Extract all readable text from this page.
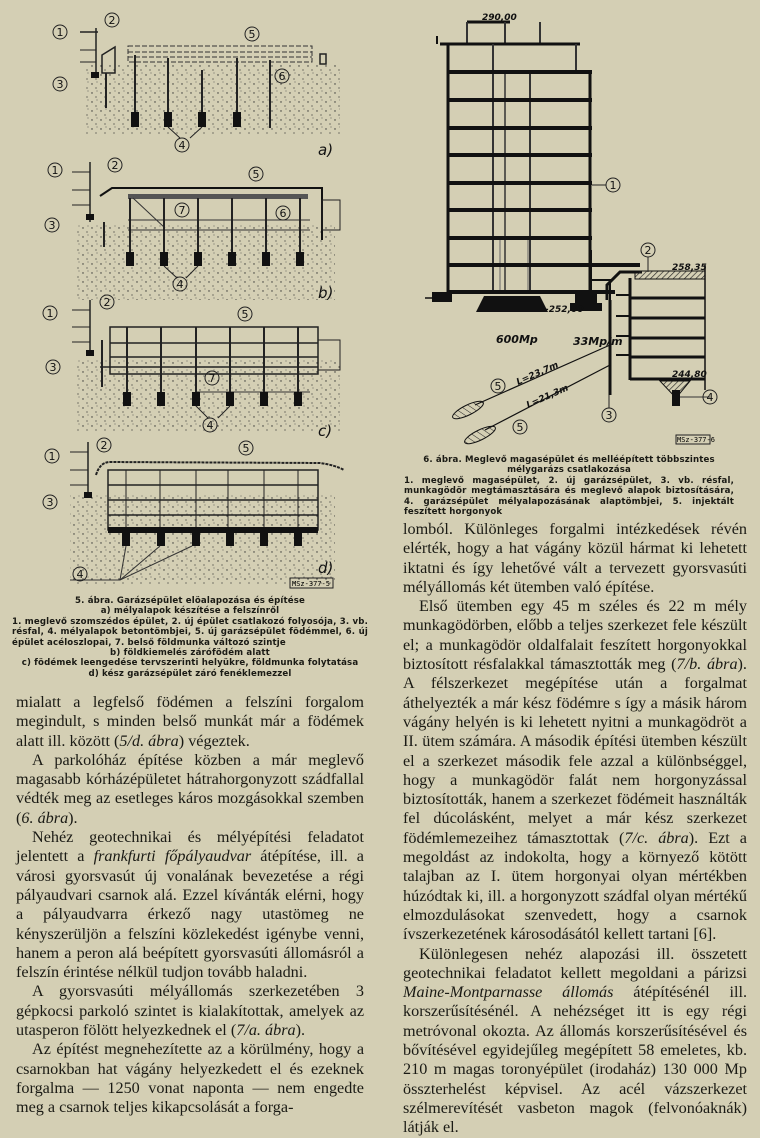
1
2
3
4
5
6
1	2
3
4
5
6
7
1
2
3
4
5
7
1
2
3
4
5
a)
b)
c)
d)
MSz-377-5
5. ábra. Garázsépület elöalapozása és építése
a) mélyalapok készítése a felszínről
1. meglevő szomszédos épület, 2. új épület csatlakozó folyosója, 3. vb. résfal, 4. mélyalapok betontömbjei, 5. új garázsépület födémmel, 6. új épület acéloszlopai, 7. belső földmunka változó szintje
b) földkiemelés zárófödém alatt
c) födémek leengedése tervszerinti helyükre, földmunka folytatása
d) kész garázsépület záró fenéklemezzel
1
2
3
4
5
5
290,00
258,35
-252,00
244,80
600Mp	33Mp/m
L=23,7m
L=21,3m
MSz-377-6
6. ábra. Meglevő magasépület és melléépített többszintes mélygarázs csatlakozása
1. meglevő magasépület, 2. új garázsépület, 3. vb. résfal, munkagödör megtámasztására és meglevő alapok biztosítására, 4. garázsépület mélyalapozásának alaptömbjei, 5. injektált feszített horgonyok

mialatt a legfelső födémen a felszíni forgalom megindult, s minden belső munkát már a födémek alatt ill. között (5/d. ábra) végeztek.

A parkolóház építése közben a már meglevő magasabb kórházépületet hátrahorgonyzott szádfallal védték meg az esetleges káros mozgásokkal szemben (6. ábra).

Nehéz geotechnikai és mélyépítési feladatot jelentett a frankfurti főpályaudvar átépítése, ill. a városi gyorsvasút új vonalának bevezetése a régi pályaudvari csarnok alá. Ezzel kívánták elérni, hogy a pályaudvarra érkező nagy utastömeg ne kényszerüljön a felszíni közlekedést igénybe venni, hanem a peron alá beépített gyorsvasúti állomásról a felszín érintése nélkül tudjon tovább haladni.

A gyorsvasúti mélyállomás szerkezetében 3 gépkocsi parkoló szintet is kialakítottak, amelyek az utasperon fölött helyezkednek el (7/a. ábra).

Az építést megnehezítette az a körülmény, hogy a csarnokban hat vágány helyezkedett el és ezeknek forgalma — 1250 vonat naponta — nem engedte meg a csarnok teljes kikapcsolását a forga-

lomból. Különleges forgalmi intézkedések révén elérték, hogy a hat vágány közül hármat ki lehetett iktatni és így lehetővé vált a tervezett gyorsvasúti mélyállomás két ütemben való építése.

Első ütemben egy 45 m széles és 22 m mély munkagödörben, előbb a teljes szerkezet fele készült el; a munkagödör oldalfalait feszített horgonyokkal biztosított résfalakkal támasztották meg (7/b. ábra). A félszerkezet megépítése után a forgalmat áthelyezték a már kész födémre s így a másik három vágány helyén is ki lehetett nyitni a munkagödröt a II. ütem számára. A második építési ütemben készült el a szerkezet második fele azzal a különbséggel, hogy a munkagödör falát nem horgonyzással biztosították, hanem a szerkezet födémeit használták fel dúcolásként, melyet a már kész szerkezet födémlemezeihez támasztottak (7/c. ábra). Ezt a megoldást az indokolta, hogy a környező kötött talajban az I. ütem horgonyai olyan mértékben húzódtak ki, ill. a horgonyzott szádfal olyan mértékű elmozdulásokat szenvedett, hogy a csarnok ívszerkezetének károsodásától kellett tartani [6].

Különlegesen nehéz alapozási ill. összetett geotechnikai feladatot kellett megoldani a párizsi Maine-Montparnasse állomás átépítésénél ill. korszerűsítésénél. A nehézséget itt is egy régi metróvonal okozta. Az állomás korszerűsítésével és bővítésével egyidejűleg megépített 58 emeletes, kb. 210 m magas toronyépület (irodaház) 130 000 Mp összterhelést képvisel. Az acél vázszerkezet szélmerevítését vasbeton magok (felvonóaknák) látják el.
